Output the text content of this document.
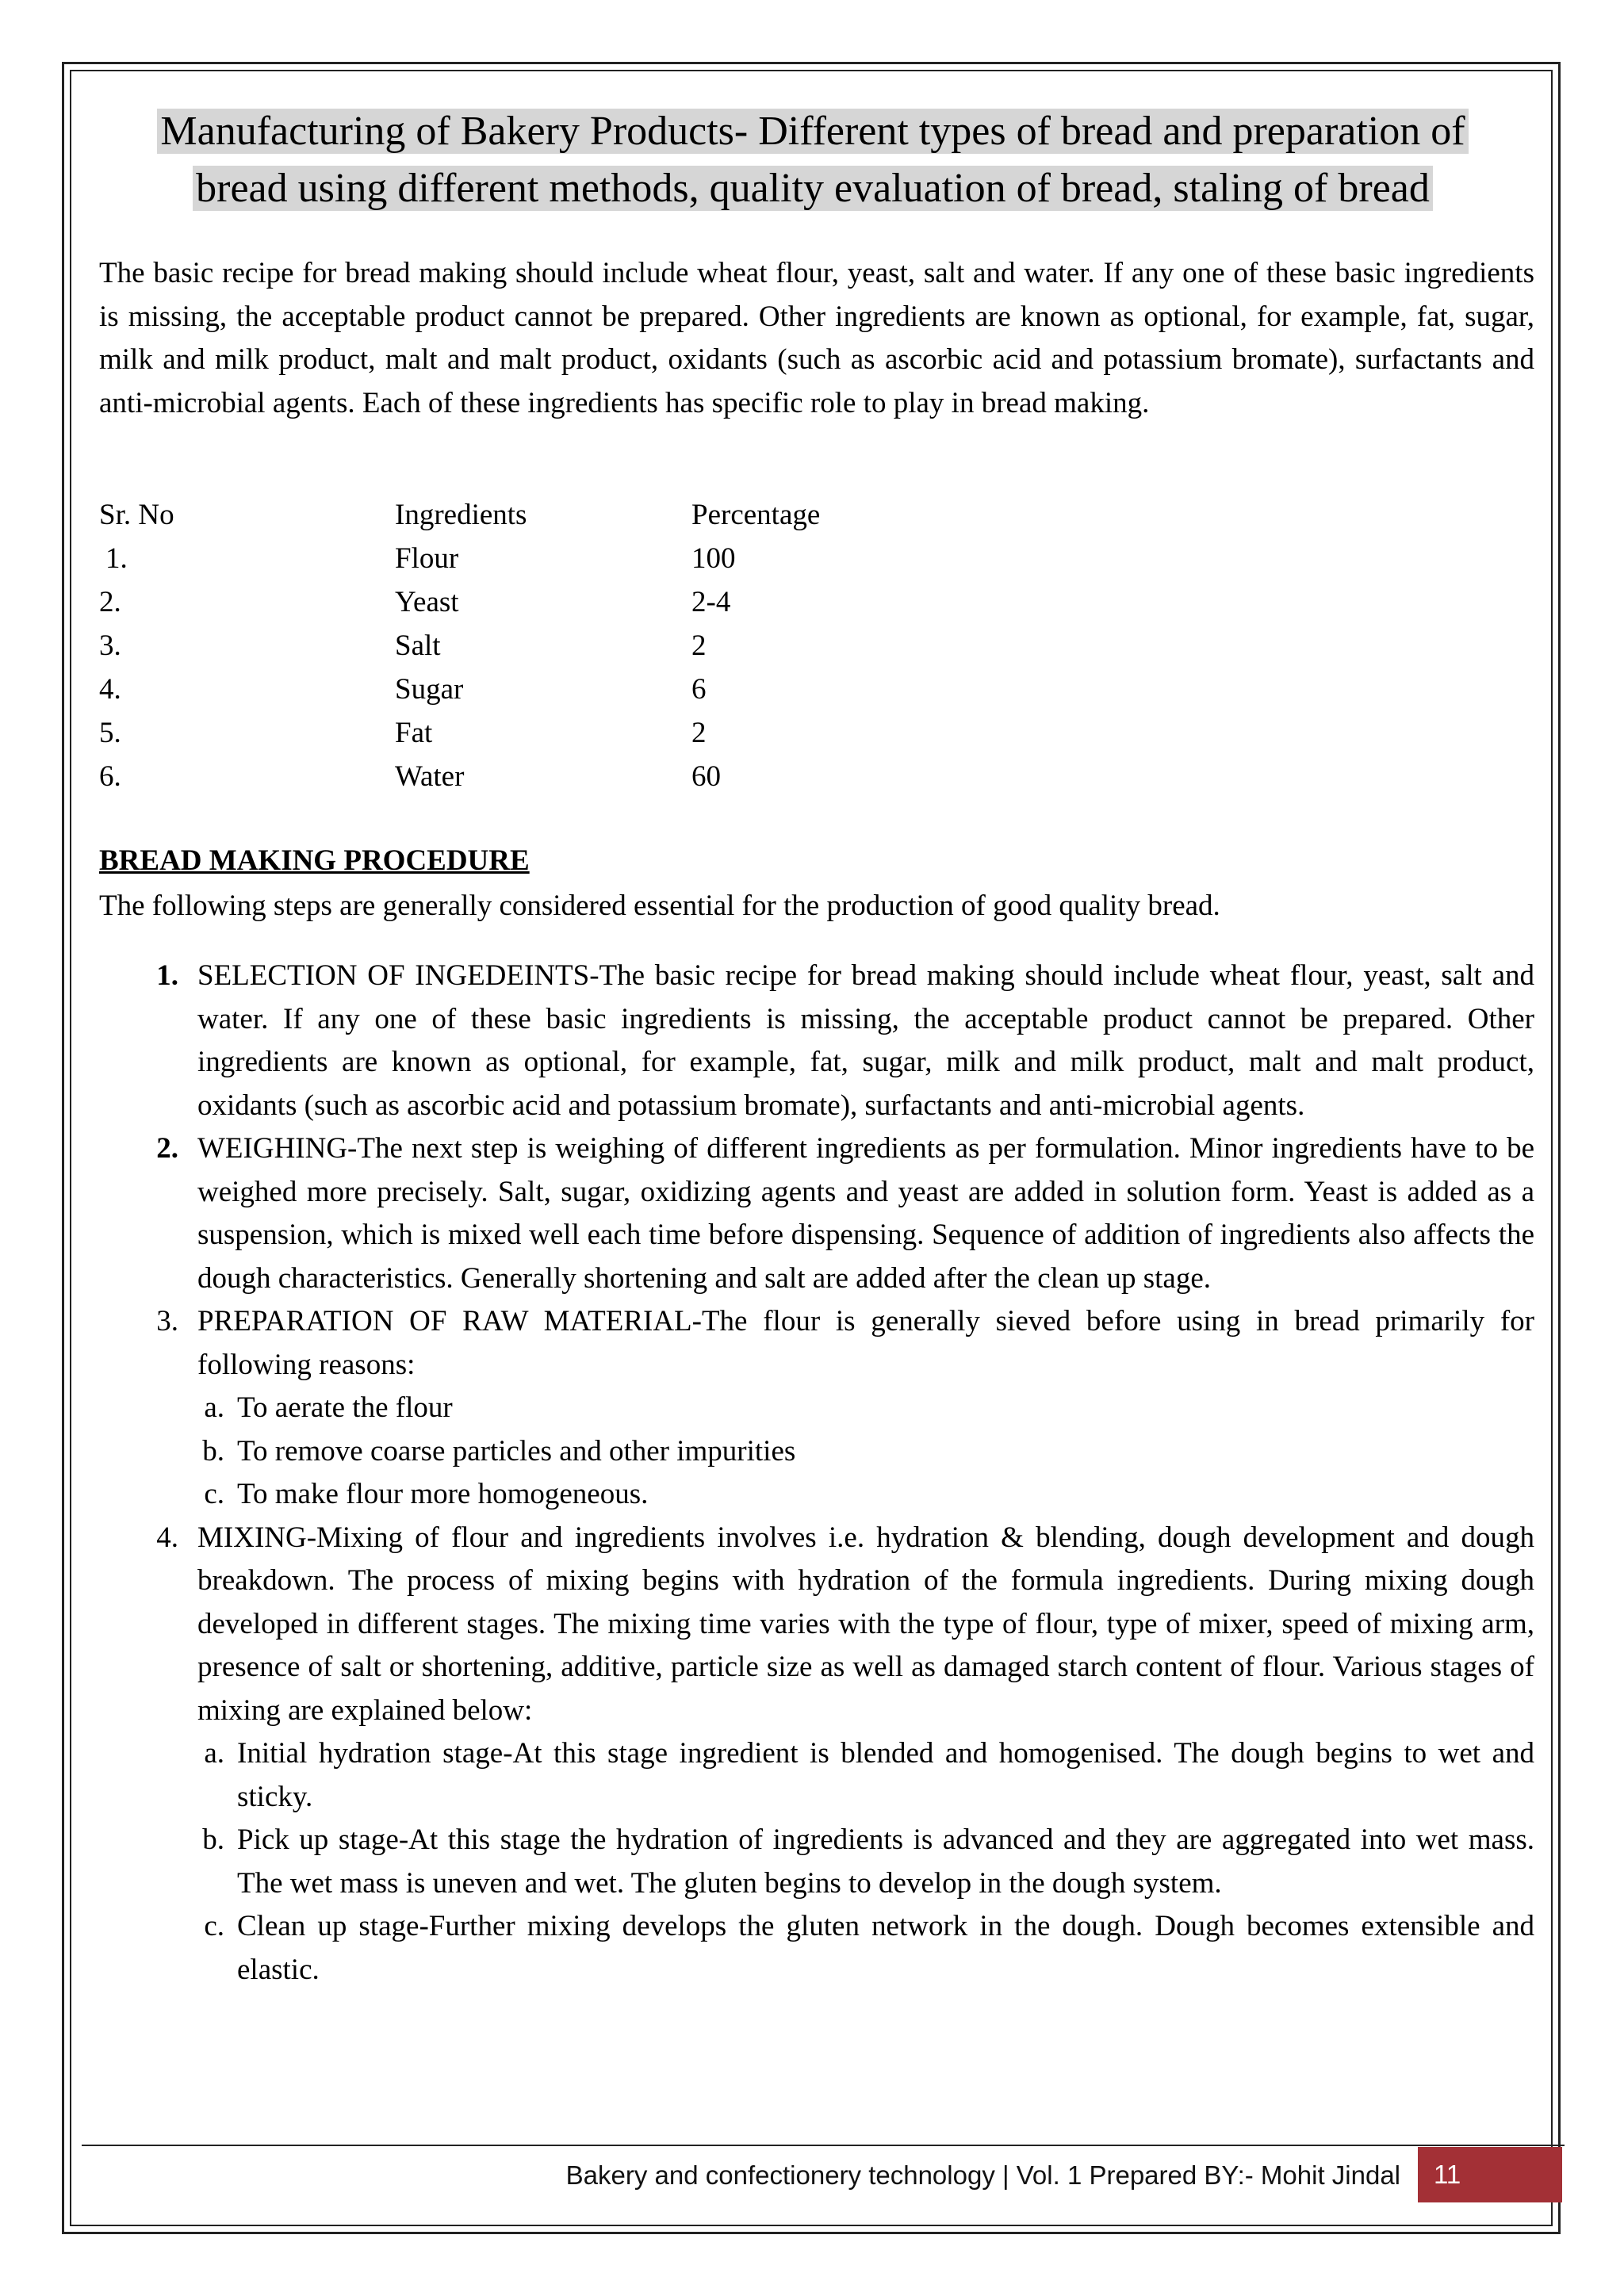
Manufacturing of Bakery Products- Different types of bread and preparation of
bread using different methods, quality evaluation of bread, staling of bread
The basic recipe for bread making should include wheat flour, yeast, salt and water. If any one of these basic ingredients is missing, the acceptable product cannot be prepared. Other ingredients are known as optional, for example, fat, sugar, milk and milk product, malt and malt product, oxidants (such as ascorbic acid and potassium bromate), surfactants and anti-microbial agents. Each of these ingredients has specific role to play in bread making.
Sr. No	Ingredients	Percentage
1.	Flour	100
2.	Yeast	2-4
3.	Salt	2
4.	Sugar	6
5.	Fat	2
6.	Water	60
BREAD MAKING PROCEDURE
The following steps are generally considered essential for the production of good quality bread.
1. SELECTION OF INGEDEINTS-The basic recipe for bread making should include wheat flour, yeast, salt and water. If any one of these basic ingredients is missing, the acceptable product cannot be prepared. Other ingredients are known as optional, for example, fat, sugar, milk and milk product, malt and malt product, oxidants (such as ascorbic acid and potassium bromate), surfactants and anti-microbial agents.
2. WEIGHING-The next step is weighing of different ingredients as per formulation. Minor ingredients have to be weighed more precisely. Salt, sugar, oxidizing agents and yeast are added in solution form. Yeast is added as a suspension, which is mixed well each time before dispensing. Sequence of addition of ingredients also affects the dough characteristics. Generally shortening and salt are added after the clean up stage.
3. PREPARATION OF RAW MATERIAL-The flour is generally sieved before using in bread primarily for following reasons:
a. To aerate the flour
b. To remove coarse particles and other impurities
c. To make flour more homogeneous.
4. MIXING-Mixing of flour and ingredients involves i.e. hydration & blending, dough development and dough breakdown. The process of mixing begins with hydration of the formula ingredients. During mixing dough developed in different stages. The mixing time varies with the type of flour, type of mixer, speed of mixing arm, presence of salt or shortening, additive, particle size as well as damaged starch content of flour. Various stages of mixing are explained below:
a. Initial hydration stage-At this stage ingredient is blended and homogenised. The dough begins to wet and sticky.
b. Pick up stage-At this stage the hydration of ingredients is advanced and they are aggregated into wet mass. The wet mass is uneven and wet. The gluten begins to develop in the dough system.
c. Clean up stage-Further mixing develops the gluten network in the dough. Dough becomes extensible and elastic.
Bakery and confectionery technology | Vol. 1 Prepared BY:- Mohit Jindal	11
